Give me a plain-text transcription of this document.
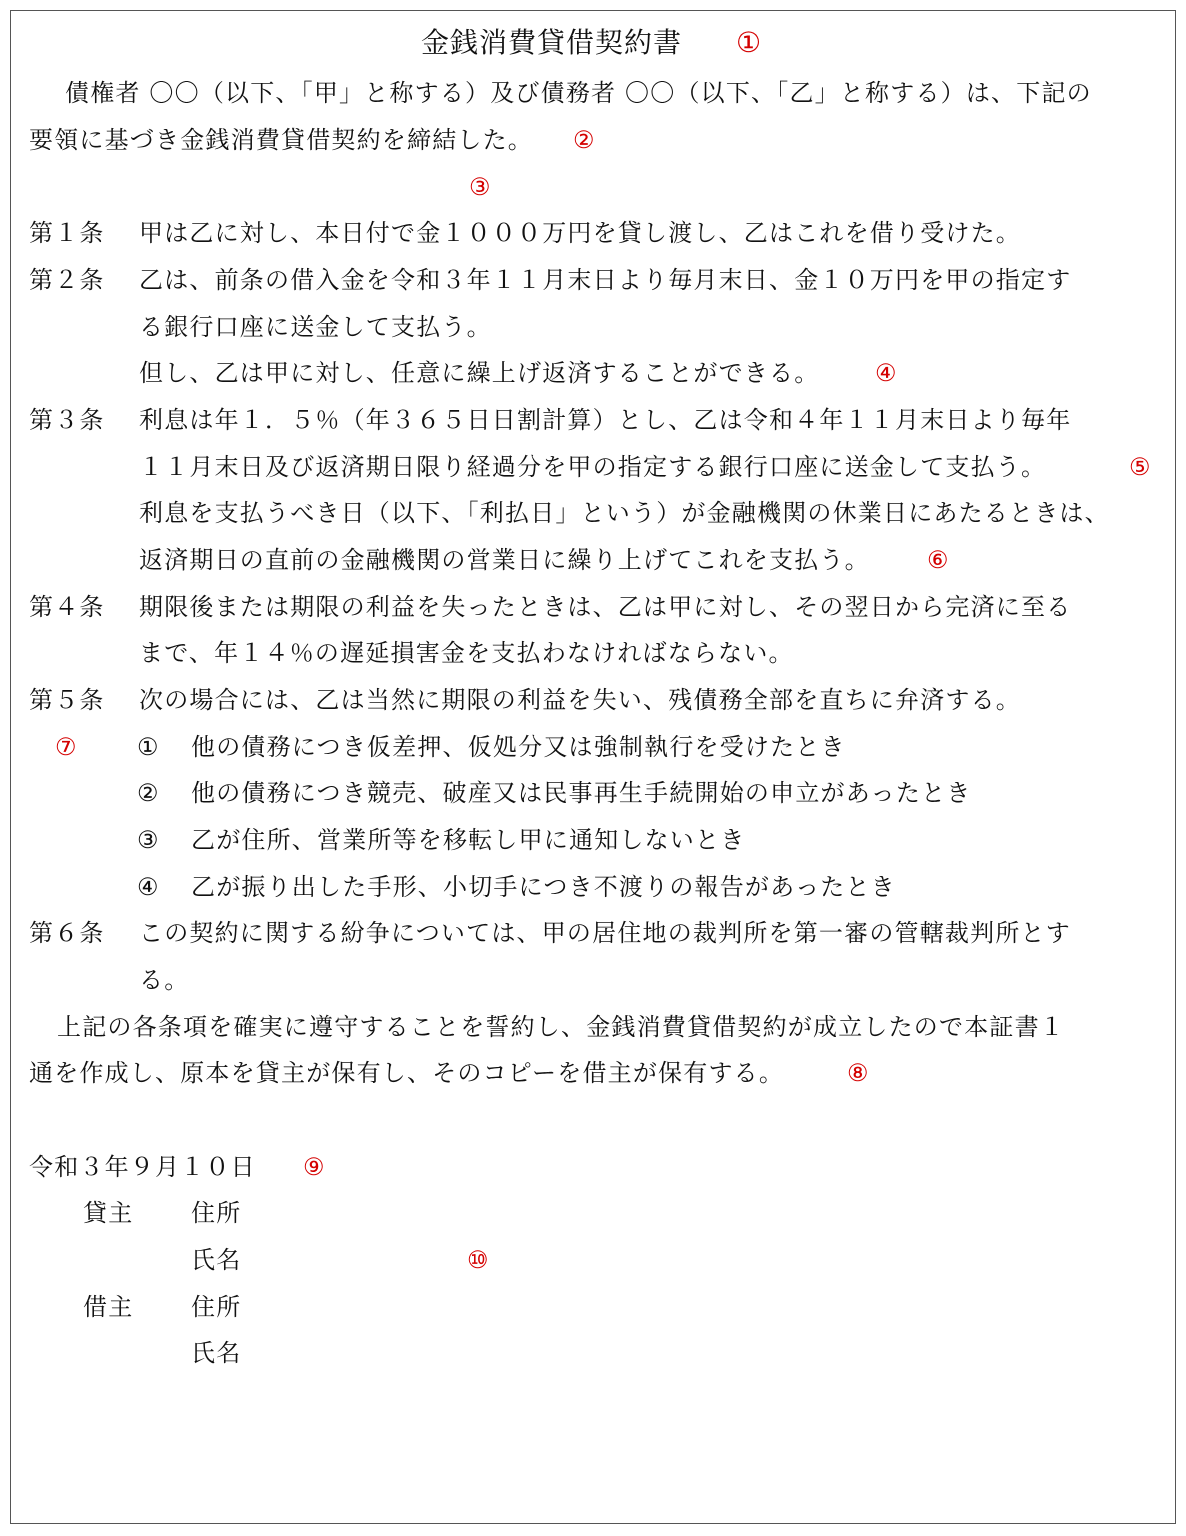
金銭消費貸借契約書 ①
債権者 〇〇（以下、「甲」と称する）及び債務者 〇〇（以下、「乙」と称する）は、下記の
要領に基づき金銭消費貸借契約を締結した。 ②
③
第１条 甲は乙に対し、本日付で金１０００万円を貸し渡し、乙はこれを借り受けた。
第２条 乙は、前条の借入金を令和３年１１月末日より毎月末日、金１０万円を甲の指定す
る銀行口座に送金して支払う。
但し、乙は甲に対し、任意に繰上げ返済することができる。 ④
第３条 利息は年１．５％（年３６５日日割計算）とし、乙は令和４年１１月末日より毎年
１１月末日及び返済期日限り経過分を甲の指定する銀行口座に送金して支払う。	⑤
利息を支払うべき日（以下、「利払日」という）が金融機関の休業日にあたるときは、
返済期日の直前の金融機関の営業日に繰り上げてこれを支払う。 ⑥
第４条 期限後または期限の利益を失ったときは、乙は甲に対し、その翌日から完済に至る
まで、年１４％の遅延損害金を支払わなければならない。
第５条 次の場合には、乙は当然に期限の利益を失い、残債務全部を直ちに弁済する。
⑦ ① 他の債務につき仮差押、仮処分又は強制執行を受けたとき
② 他の債務につき競売、破産又は民事再生手続開始の申立があったとき
③ 乙が住所、営業所等を移転し甲に通知しないとき
④ 乙が振り出した手形、小切手につき不渡りの報告があったとき
第６条 この契約に関する紛争については、甲の居住地の裁判所を第一審の管轄裁判所とす
る。
上記の各条項を確実に遵守することを誓約し、金銭消費貸借契約が成立したので本証書１
通を作成し、原本を貸主が保有し、そのコピーを借主が保有する。	⑧
令和３年９月１０日 ⑨
貸主 住所
氏名	⑩
借主 住所
氏名
